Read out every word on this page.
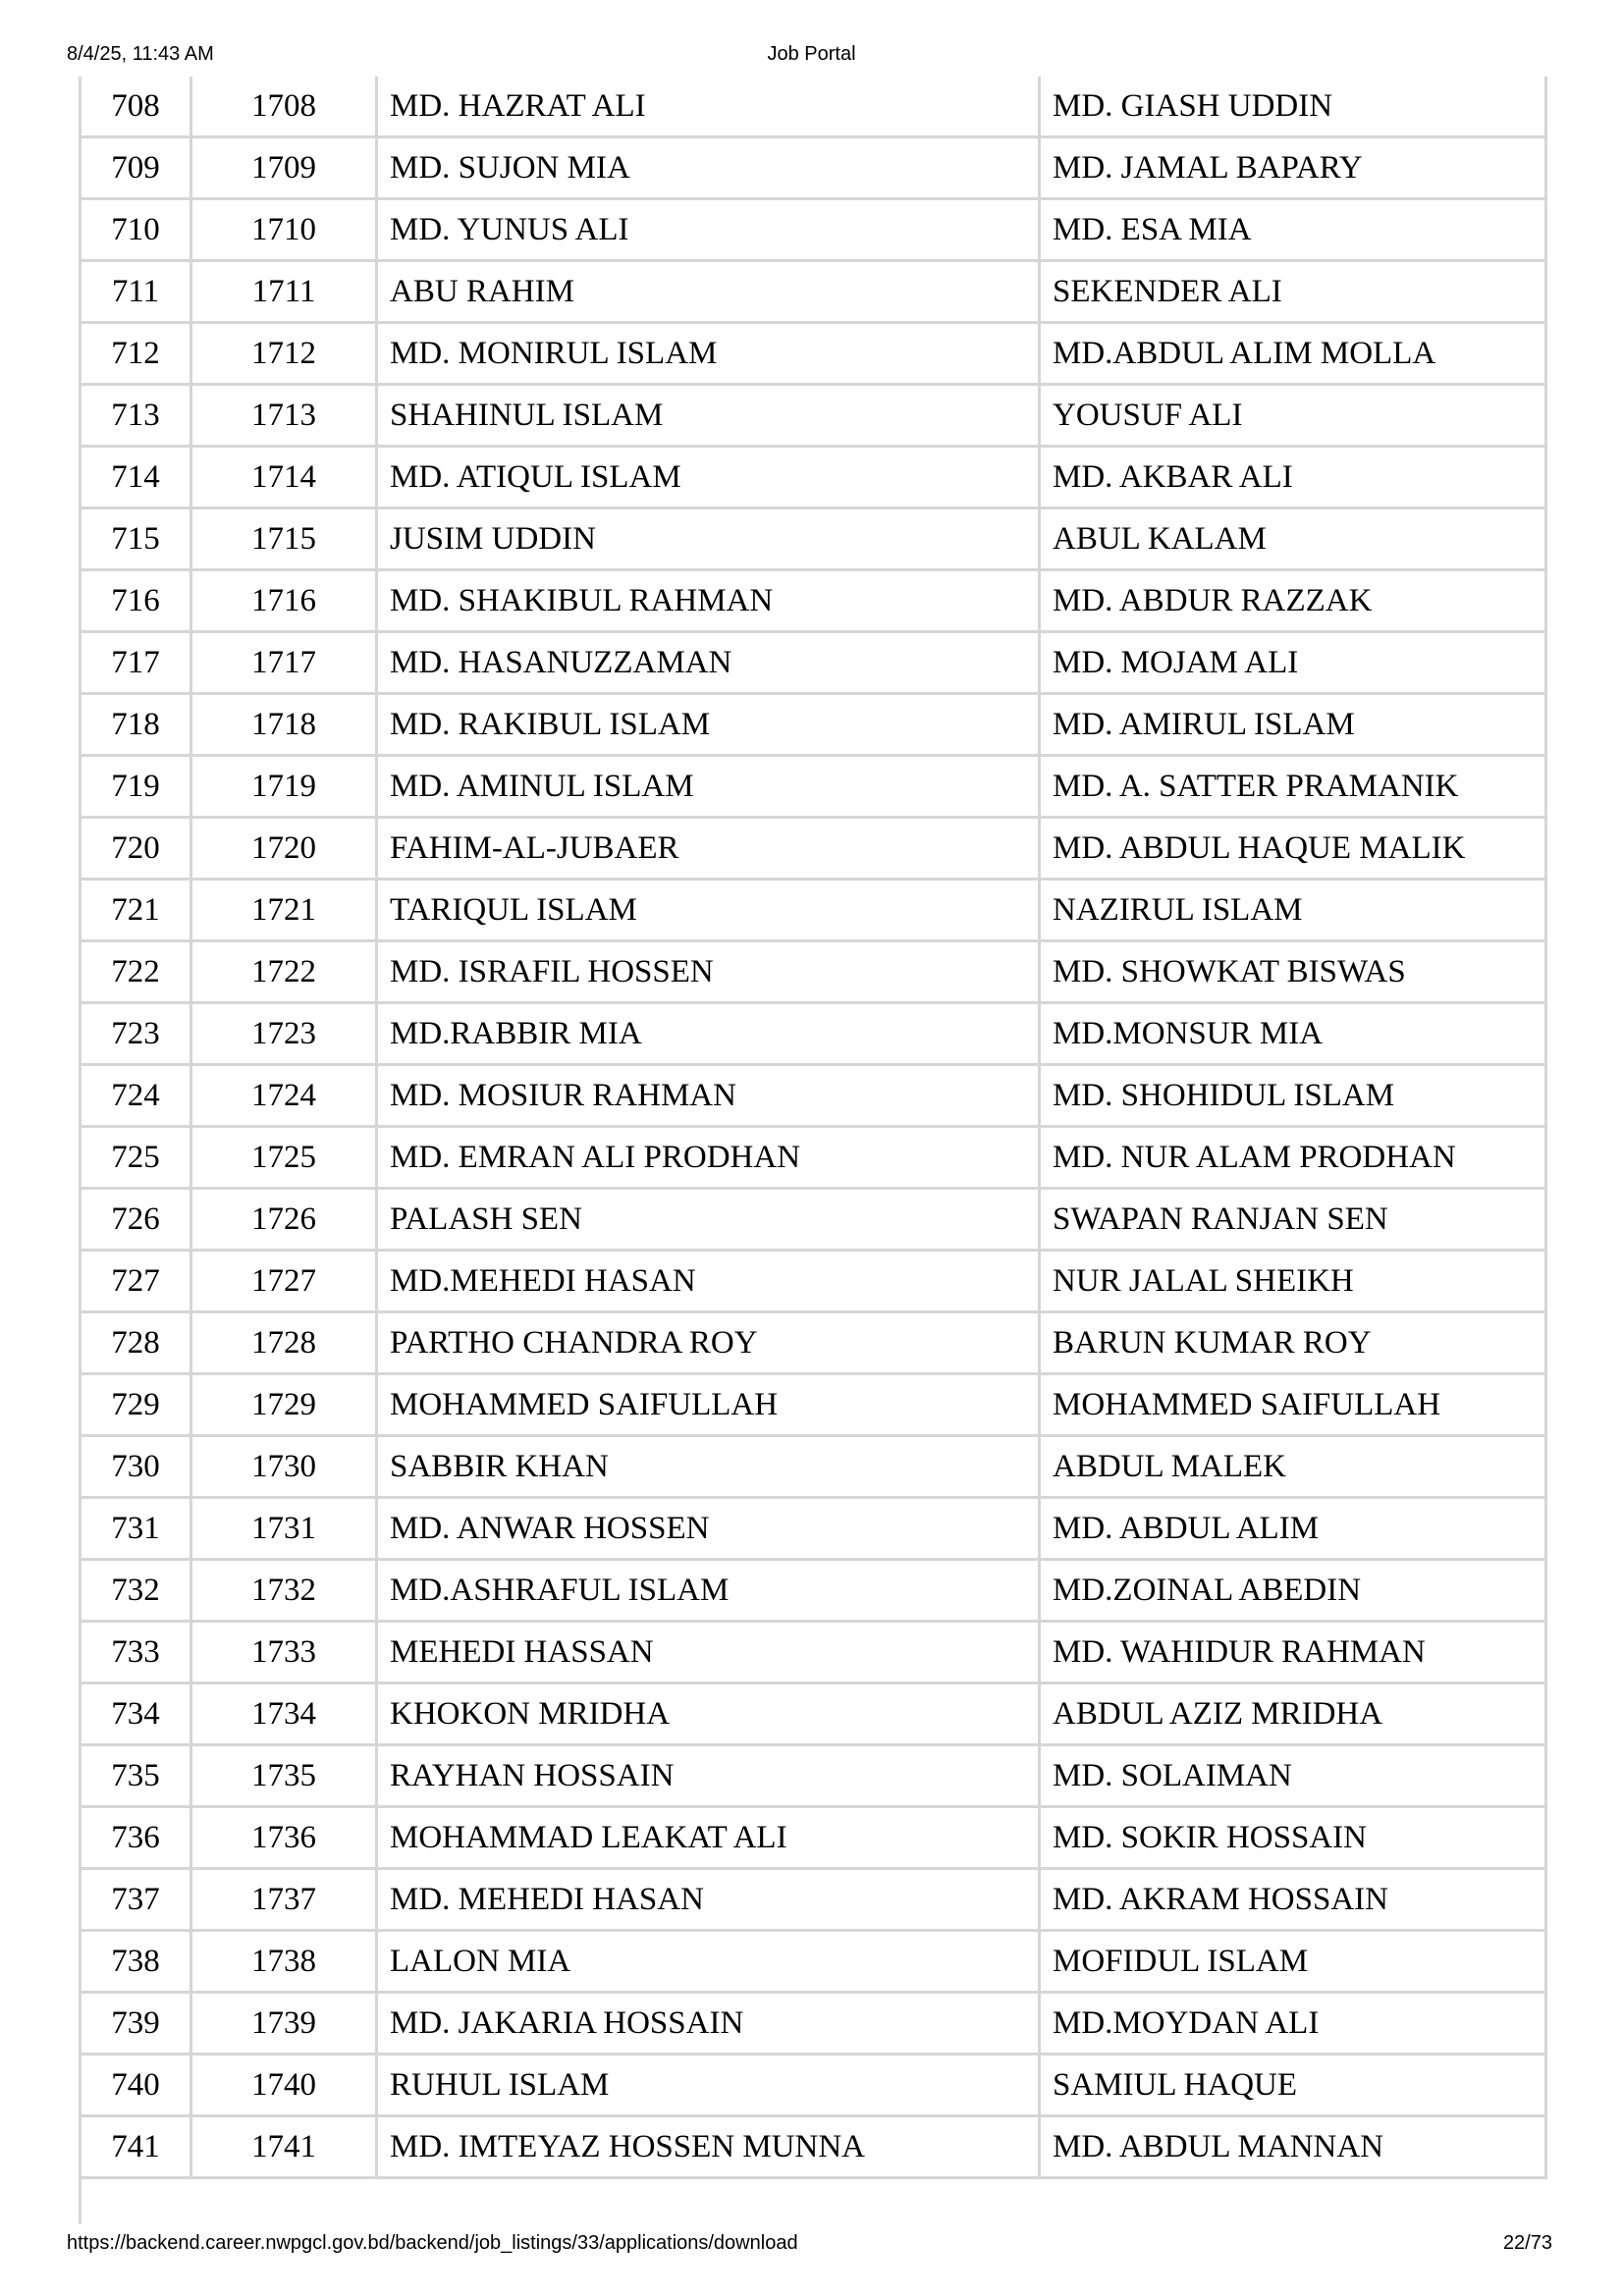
8/4/25, 11:43 AM	Job Portal
708	1708	MD. HAZRAT ALI	MD. GIASH UDDIN
709	1709	MD. SUJON MIA	MD. JAMAL BAPARY
710	1710	MD. YUNUS ALI	MD. ESA MIA
711	1711	ABU RAHIM	SEKENDER ALI
712	1712	MD. MONIRUL ISLAM	MD.ABDUL ALIM MOLLA
713	1713	SHAHINUL ISLAM	YOUSUF ALI
714	1714	MD. ATIQUL ISLAM	MD. AKBAR ALI
715	1715	JUSIM UDDIN	ABUL KALAM
716	1716	MD. SHAKIBUL RAHMAN	MD. ABDUR RAZZAK
717	1717	MD. HASANUZZAMAN	MD. MOJAM ALI
718	1718	MD. RAKIBUL ISLAM	MD. AMIRUL ISLAM
719	1719	MD. AMINUL ISLAM	MD. A. SATTER PRAMANIK
720	1720	FAHIM-AL-JUBAER	MD. ABDUL HAQUE MALIK
721	1721	TARIQUL ISLAM	NAZIRUL ISLAM
722	1722	MD. ISRAFIL HOSSEN	MD. SHOWKAT BISWAS
723	1723	MD.RABBIR MIA	MD.MONSUR MIA
724	1724	MD. MOSIUR RAHMAN	MD. SHOHIDUL ISLAM
725	1725	MD. EMRAN ALI PRODHAN	MD. NUR ALAM PRODHAN
726	1726	PALASH SEN	SWAPAN RANJAN SEN
727	1727	MD.MEHEDI HASAN	NUR JALAL SHEIKH
728	1728	PARTHO CHANDRA ROY	BARUN KUMAR ROY
729	1729	MOHAMMED SAIFULLAH	MOHAMMED SAIFULLAH
730	1730	SABBIR KHAN	ABDUL MALEK
731	1731	MD. ANWAR HOSSEN	MD. ABDUL ALIM
732	1732	MD.ASHRAFUL ISLAM	MD.ZOINAL ABEDIN
733	1733	MEHEDI HASSAN	MD. WAHIDUR RAHMAN
734	1734	KHOKON MRIDHA	ABDUL AZIZ MRIDHA
735	1735	RAYHAN HOSSAIN	MD. SOLAIMAN
736	1736	MOHAMMAD LEAKAT ALI	MD. SOKIR HOSSAIN
737	1737	MD. MEHEDI HASAN	MD. AKRAM HOSSAIN
738	1738	LALON MIA	MOFIDUL ISLAM
739	1739	MD. JAKARIA HOSSAIN	MD.MOYDAN ALI
740	1740	RUHUL ISLAM	SAMIUL HAQUE
741	1741	MD. IMTEYAZ HOSSEN MUNNA	MD. ABDUL MANNAN
https://backend.career.nwpgcl.gov.bd/backend/job_listings/33/applications/download	22/73
